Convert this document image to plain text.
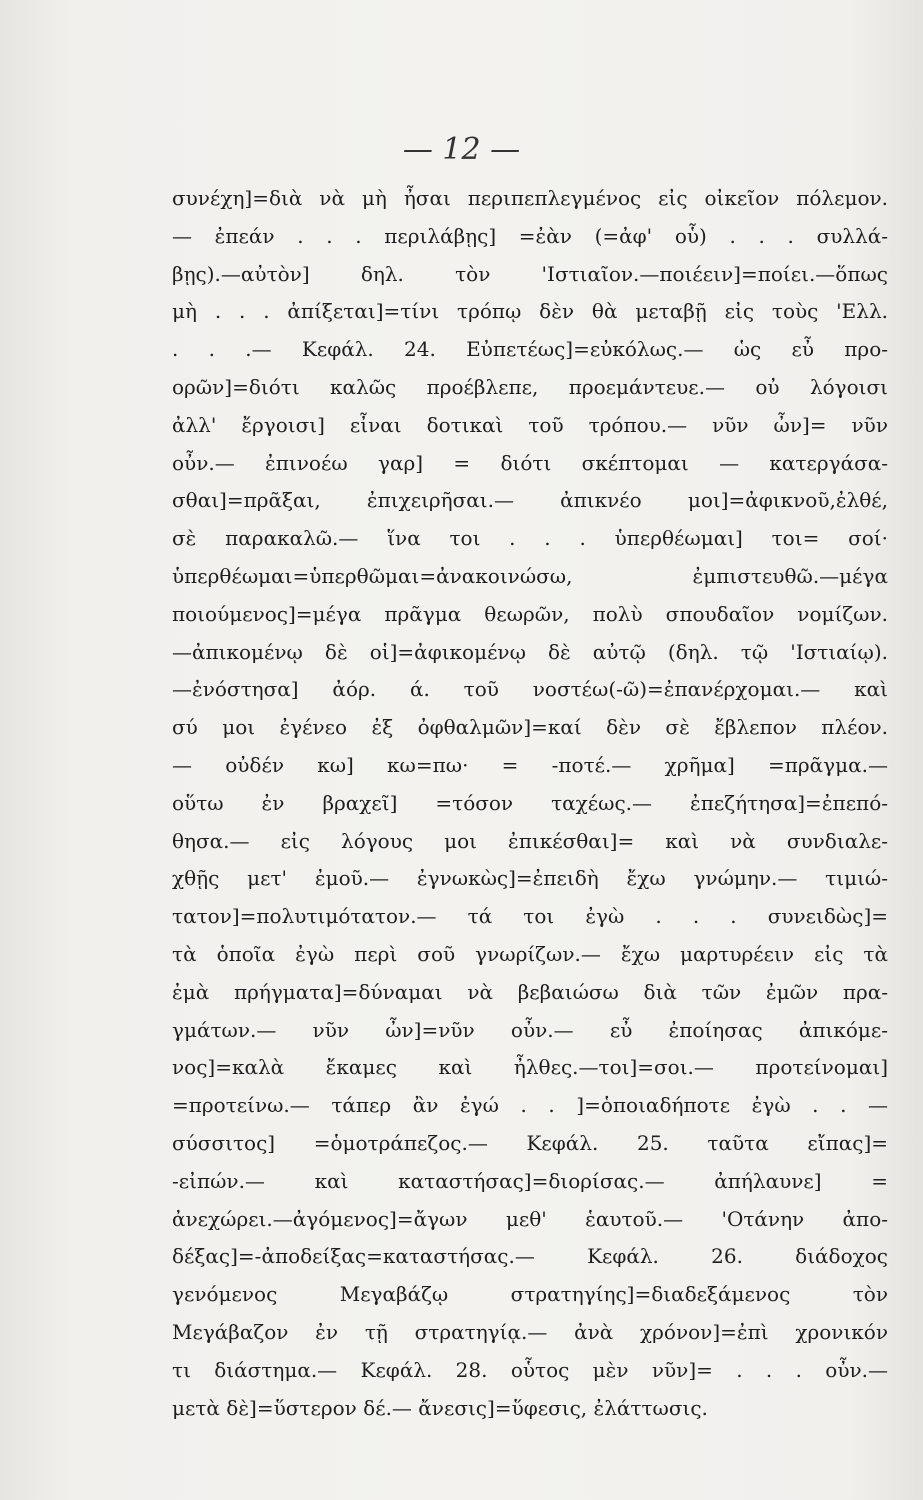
— 12 —
συνέχη]=διὰ νὰ μὴ ἦσαι περιπεπλεγμένος εἰς οἰκεῖον πόλεμον.
— ἐπεάν . . . περιλάβῃς] =ἐὰν (=ἀφ' οὗ) . . . συλλά-
βῃς).—αὐτὸν] δηλ. τὸν 'Ιστιαῖον.—ποιέειν]=ποίει.—ὅπως
μὴ . . . ἀπίξεται]=τίνι τρόπῳ δὲν θὰ μεταβῇ εἰς τοὺς 'Ελλ.
. . .— Κεφάλ. 24. Εὐπετέως]=εὐκόλως.— ὡς εὖ προ-
ορῶν]=διότι καλῶς προέβλεπε, προεμάντευε.— οὐ λόγοισι
ἀλλ' ἔργοισι] εἶναι δοτικαὶ τοῦ τρόπου.— νῦν ὦν]= νῦν
οὖν.— ἐπινοέω γαρ] = διότι σκέπτομαι — κατεργάσα-
σθαι]=πρᾶξαι, ἐπιχειρῆσαι.— ἀπικνέο μοι]=ἀφικνοῦ,ἐλθέ,
σὲ παρακαλῶ.— ἵνα τοι . . . ὑπερθέωμαι] τοι= σοί·
ὑπερθέωμαι=ὑπερθῶμαι=ἀνακοινώσω, ἐμπιστευθῶ.—μέγα
ποιούμενος]=μέγα πρᾶγμα θεωρῶν, πολὺ σπουδαῖον νομίζων.
—ἀπικομένῳ δὲ οἱ]=ἀφικομένῳ δὲ αὐτῷ (δηλ. τῷ 'Ιστιαίῳ).
—ἐνόστησα] ἀόρ. ά. τοῦ νοστέω(-ῶ)=ἐπανέρχομαι.— καὶ
σύ μοι ἐγένεο ἐξ ὀφθαλμῶν]=καί δὲν σὲ ἔβλεπον πλέον.
— οὐδέν κω] κω=πω· = -ποτέ.— χρῆμα] =πρᾶγμα.—
οὕτω ἐν βραχεῖ] =τόσον ταχέως.— ἐπεζήτησα]=ἐπεπό-
θησα.— εἰς λόγους μοι ἐπικέσθαι]= καὶ νὰ συνδιαλε-
χθῇς μετ' ἐμοῦ.— ἐγνωκὼς]=ἐπειδὴ ἔχω γνώμην.— τιμιώ-
τατον]=πολυτιμότατον.— τά τοι ἐγὼ . . . συνειδὼς]=
τὰ ὁποῖα ἐγὼ περὶ σοῦ γνωρίζων.— ἔχω μαρτυρέειν εἰς τὰ
ἐμὰ πρήγματα]=δύναμαι νὰ βεβαιώσω διὰ τῶν ἐμῶν πρα-
γμάτων.— νῦν ὦν]=νῦν οὖν.— εὖ ἐποίησας ἀπικόμε-
νος]=καλὰ ἔκαμες καὶ ἦλθες.—τοι]=σοι.— προτείνομαι]
=προτείνω.— τάπερ ἂν ἐγώ . . ]=ὁποιαδήποτε ἐγὼ . . —
σύσσιτος] =ὁμοτράπεζος.— Κεφάλ. 25. ταῦτα εἴπας]=
-εἰπών.— καὶ καταστήσας]=διορίσας.— ἀπήλαυνε] =
ἀνεχώρει.—ἀγόμενος]=ἄγων μεθ' ἑαυτοῦ.— 'Οτάνην ἀπο-
δέξας]=-ἀποδείξας=καταστήσας.— Κεφάλ. 26. διάδοχος
γενόμενος Μεγαβάζῳ στρατηγίης]=διαδεξάμενος τὸν
Μεγάβαζον ἐν τῇ στρατηγίᾳ.— ἀνὰ χρόνον]=ἐπὶ χρονικόν
τι διάστημα.— Κεφάλ. 28. οὗτος μὲν νῦν]= . . . οὖν.—
μετὰ δὲ]=ὕστερον δέ.— ἄνεσις]=ὕφεσις, ἐλάττωσις.
